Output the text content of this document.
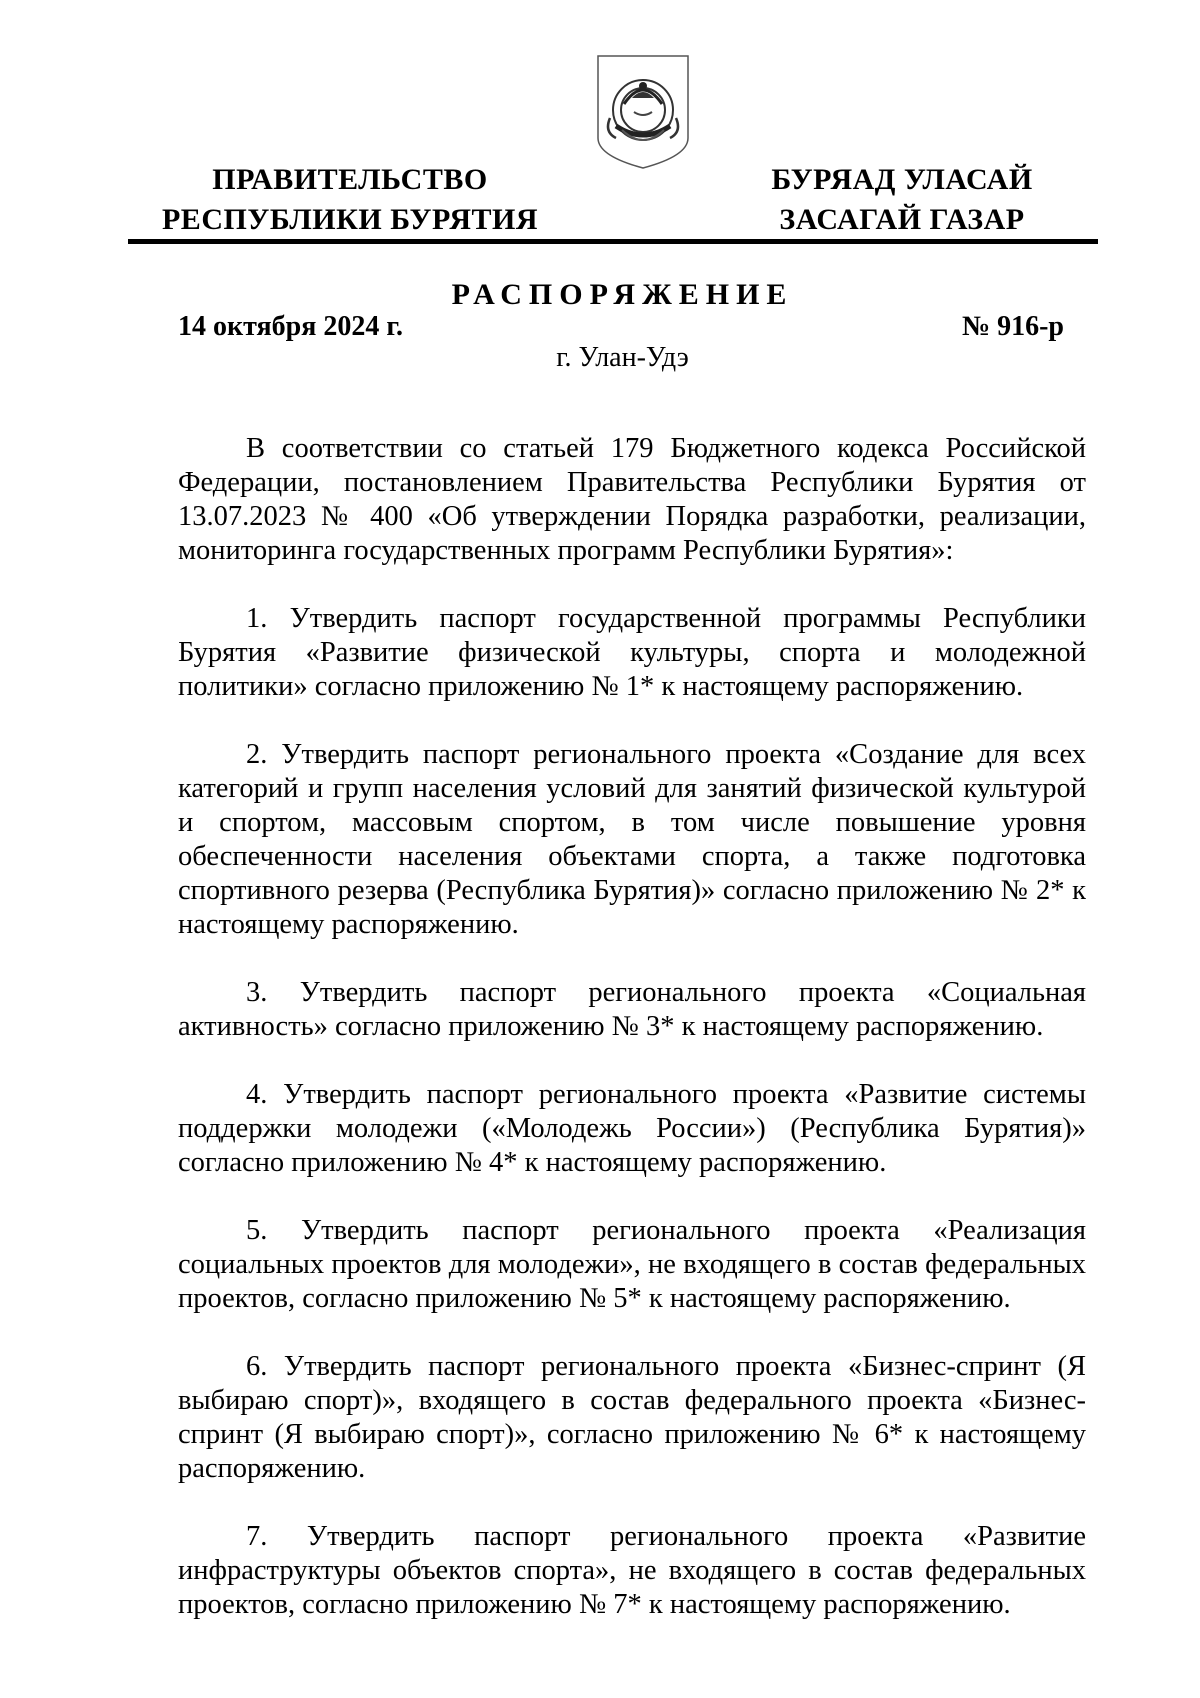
ПРАВИТЕЛЬСТВО
РЕСПУБЛИКИ БУРЯТИЯ
БУРЯАД УЛАСАЙ
ЗАСАГАЙ ГАЗАР
РАСПОРЯЖЕНИЕ
14 октября 2024 г.	№ 916-р
г. Улан-Удэ

В соответствии со статьей 179 Бюджетного кодекса Российской Федерации, постановлением Правительства Республики Бурятия от 13.07.2023 № 400 «Об утверждении Порядка разработки, реализации, мониторинга государственных программ Республики Бурятия»:

1. Утвердить паспорт государственной программы Республики Бурятия «Развитие физической культуры, спорта и молодежной политики» согласно приложению № 1* к настоящему распоряжению.

2. Утвердить паспорт регионального проекта «Создание для всех категорий и групп населения условий для занятий физической культурой и спортом, массовым спортом, в том числе повышение уровня обеспеченности населения объектами спорта, а также подготовка спортивного резерва (Республика Бурятия)» согласно приложению № 2* к настоящему распоряжению.

3. Утвердить паспорт регионального проекта «Социальная активность» согласно приложению № 3* к настоящему распоряжению.

4. Утвердить паспорт регионального проекта «Развитие системы поддержки молодежи («Молодежь России») (Республика Бурятия)» согласно приложению № 4* к настоящему распоряжению.

5. Утвердить паспорт регионального проекта «Реализация социальных проектов для молодежи», не входящего в состав федеральных проектов, согласно приложению № 5* к настоящему распоряжению.

6. Утвердить паспорт регионального проекта «Бизнес-спринт (Я выбираю спорт)», входящего в состав федерального проекта «Бизнес-спринт (Я выбираю спорт)», согласно приложению № 6* к настоящему распоряжению.

7. Утвердить паспорт регионального проекта «Развитие инфраструктуры объектов спорта», не входящего в состав федеральных проектов, согласно приложению № 7* к настоящему распоряжению.
